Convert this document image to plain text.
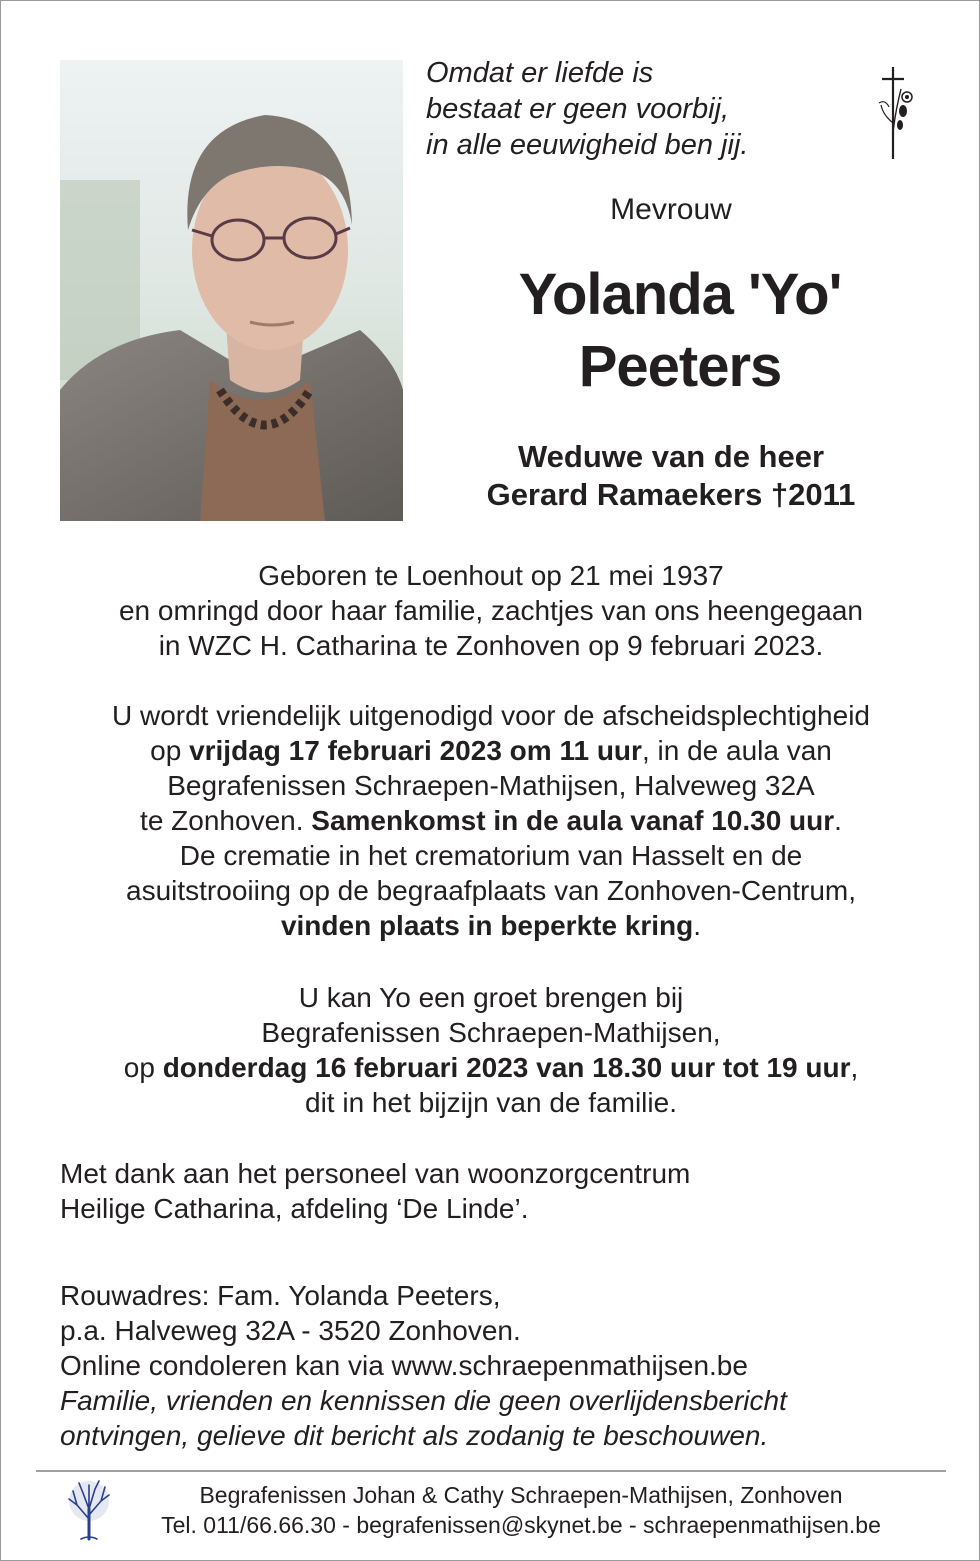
Omdat er liefde is
bestaat er geen voorbij,
in alle eeuwigheid ben jij.
Mevrouw
Yolanda 'Yo'
Peeters
Weduwe van de heer
Gerard Ramaekers †2011
Geboren te Loenhout op 21 mei 1937
en omringd door haar familie, zachtjes van ons heengegaan
in WZC H. Catharina te Zonhoven op 9 februari 2023.
U wordt vriendelijk uitgenodigd voor de afscheidsplechtigheid
op vrijdag 17 februari 2023 om 11 uur, in de aula van
Begrafenissen Schraepen-Mathijsen, Halveweg 32A
te Zonhoven. Samenkomst in de aula vanaf 10.30 uur.
De crematie in het crematorium van Hasselt en de
asuitstrooiing op de begraafplaats van Zonhoven-Centrum,
vinden plaats in beperkte kring.
U kan Yo een groet brengen bij
Begrafenissen Schraepen-Mathijsen,
op donderdag 16 februari 2023 van 18.30 uur tot 19 uur,
dit in het bijzijn van de familie.
Met dank aan het personeel van woonzorgcentrum
Heilige Catharina, afdeling ‘De Linde’.
Rouwadres: Fam. Yolanda Peeters,
p.a. Halveweg 32A - 3520 Zonhoven.
Online condoleren kan via www.schraepenmathijsen.be
Familie, vrienden en kennissen die geen overlijdensbericht
ontvingen, gelieve dit bericht als zodanig te beschouwen.
Begrafenissen Johan & Cathy Schraepen-Mathijsen, Zonhoven
Tel. 011/66.66.30 - begrafenissen@skynet.be - schraepenmathijsen.be
